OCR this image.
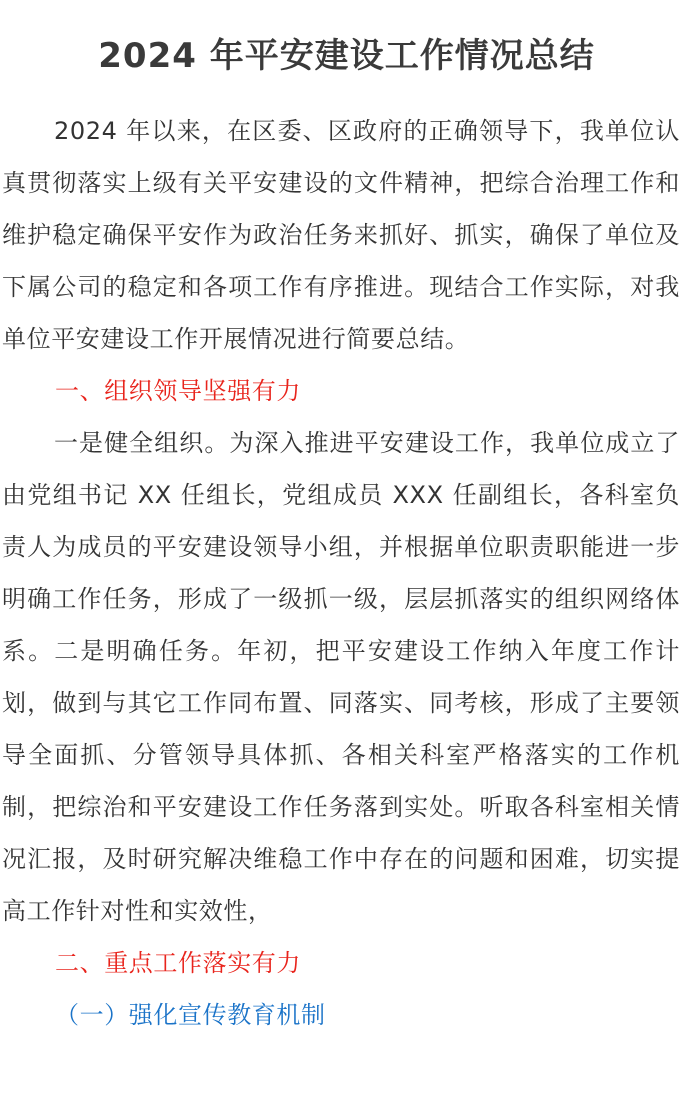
2024 年平安建设工作情况总结

2024 年以来，在区委、区政府的正确领导下，我单位认真贯彻落实上级有关平安建设的文件精神，把综合治理工作和维护稳定确保平安作为政治任务来抓好、抓实，确保了单位及下属公司的稳定和各项工作有序推进。现结合工作实际，对我单位平安建设工作开展情况进行简要总结。

一、组织领导坚强有力

一是健全组织。为深入推进平安建设工作，我单位成立了由党组书记 XX 任组长，党组成员 XXX 任副组长，各科室负责人为成员的平安建设领导小组，并根据单位职责职能进一步明确工作任务，形成了一级抓一级，层层抓落实的组织网络体系。二是明确任务。年初，把平安建设工作纳入年度工作计划，做到与其它工作同布置、同落实、同考核，形成了主要领导全面抓、分管领导具体抓、各相关科室严格落实的工作机制，把综治和平安建设工作任务落到实处。听取各科室相关情况汇报，及时研究解决维稳工作中存在的问题和困难，切实提高工作针对性和实效性，

二、重点工作落实有力

（一）强化宣传教育机制
